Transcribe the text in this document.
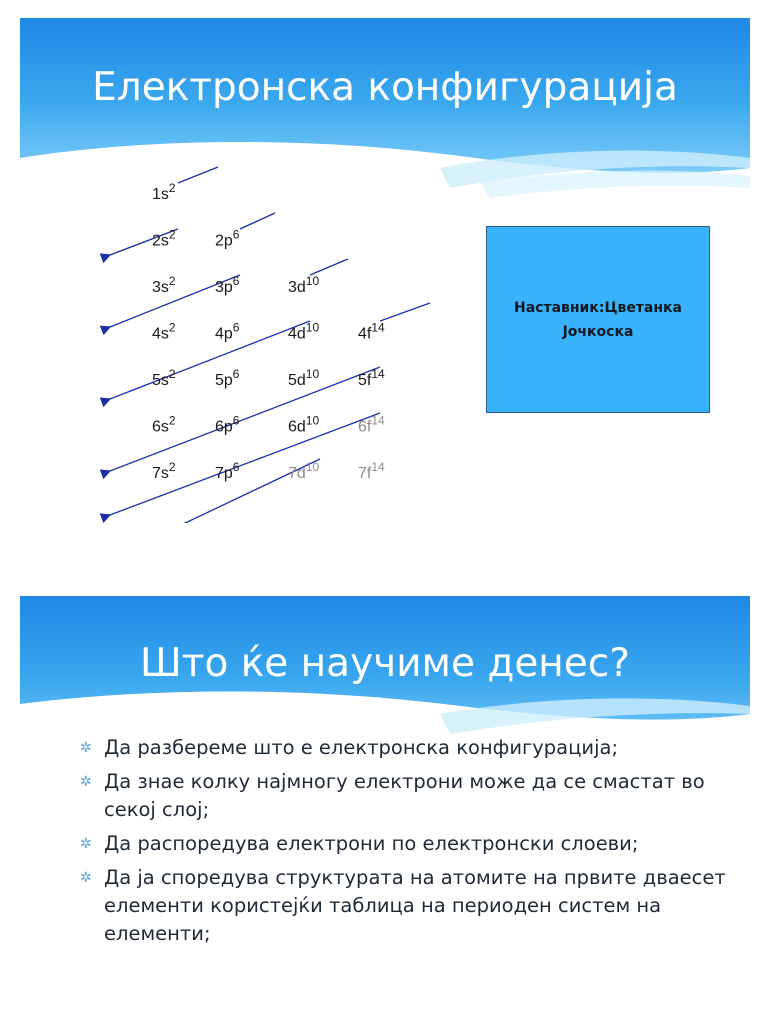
Електронска конфигурација
$1s^2$
$2s^2$ $2p^6$
$3s^2$ $3p^6$	$3d^{10}$
$4s^2$ $4p^6$	$4d^{10}$ $4f^{14}$
$5s^2$ $5p^6$	$5d^{10}$ $5f^{14}$
$6s^2$ $6p^6$	$6d^{10}$ $6f^{14}$
$7s^2$ $7p^6$	$7d^{10}$ $7f^{14}$
Наставник:Цветанка Јочкоска
Што ќе научиме денес?
✲ Да разбереме што е електронска конфигурација;
✲ Да знае колку најмногу електрони може да се смастат во секој слој;
✲ Да распоредува електрони по електронски слоеви;
✲ Да ја споредува структурата на атомите на првите дваесет елементи користејќи таблица на периоден систем на елементи;
